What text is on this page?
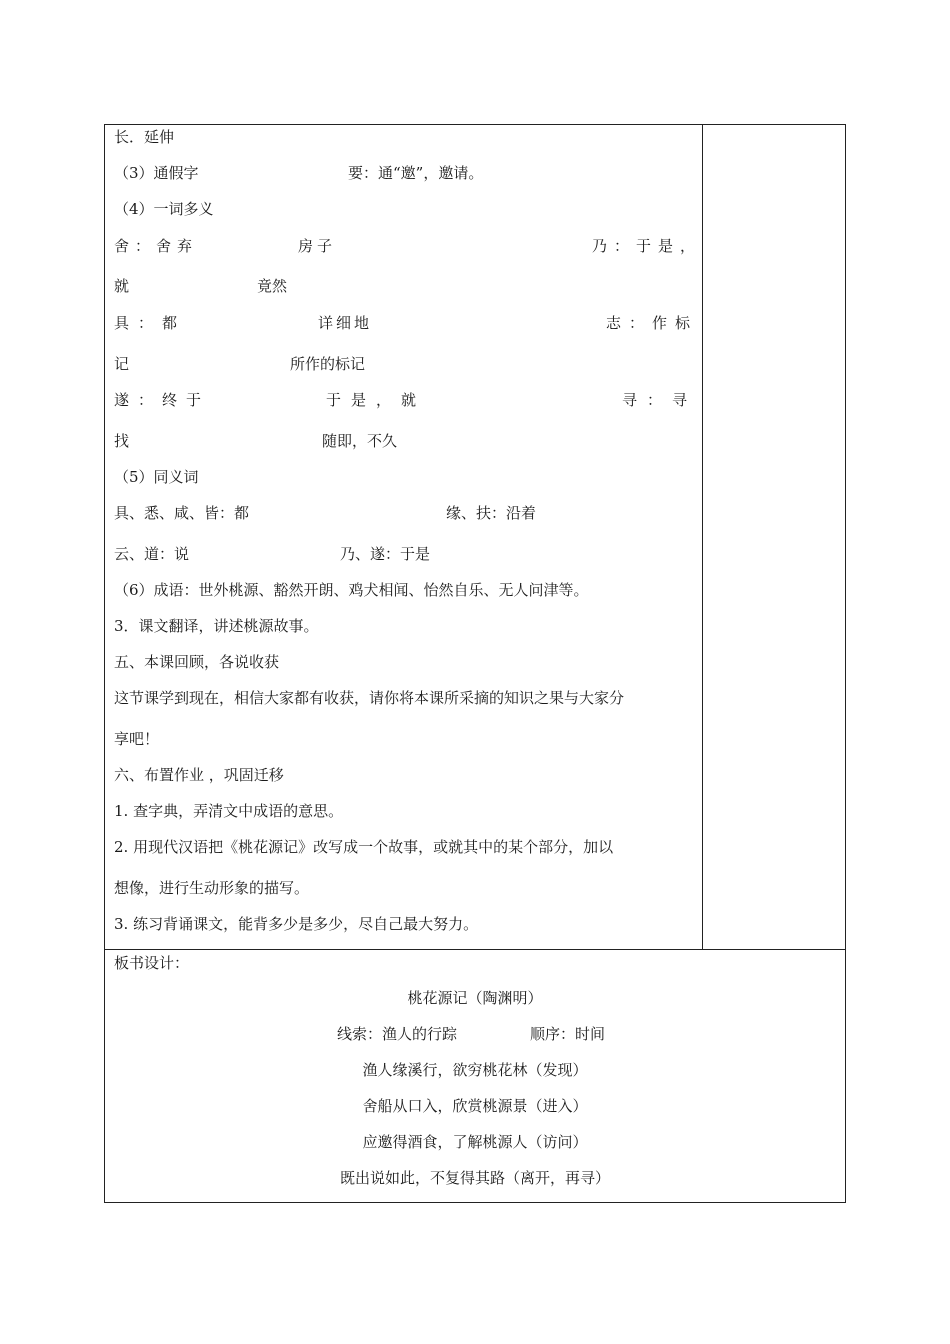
长．延伸
（3）通假字	要：通“邀”，邀请。
（4）一词多义
舍：舍弃	房子	乃：于是，
就	竟然
具：都	详细地	志：作标
记	所作的标记
遂：终于	于是，就	寻：寻
找	随即，不久
（5）同义词
具、悉、咸、皆：都	缘、扶：沿着
云、道：说	乃、遂：于是
（6）成语：世外桃源、豁然开朗、鸡犬相闻、怡然自乐、无人问津等。
3．课文翻译，讲述桃源故事。
五、本课回顾，各说收获
这节课学到现在，相信大家都有收获，请你将本课所采摘的知识之果与大家分
享吧！
六、布置作业 ，巩固迁移
1. 查字典，弄清文中成语的意思。
2. 用现代汉语把《桃花源记》改写成一个故事，或就其中的某个部分，加以
想像，进行生动形象的描写。
3. 练习背诵课文，能背多少是多少，尽自己最大努力。
板书设计：
桃花源记（陶渊明）
线索：渔人的行踪	顺序：时间
渔人缘溪行，欲穷桃花林（发现）
舍船从口入，欣赏桃源景（进入）
应邀得酒食，了解桃源人（访问）
既出说如此，不复得其路（离开，再寻）
